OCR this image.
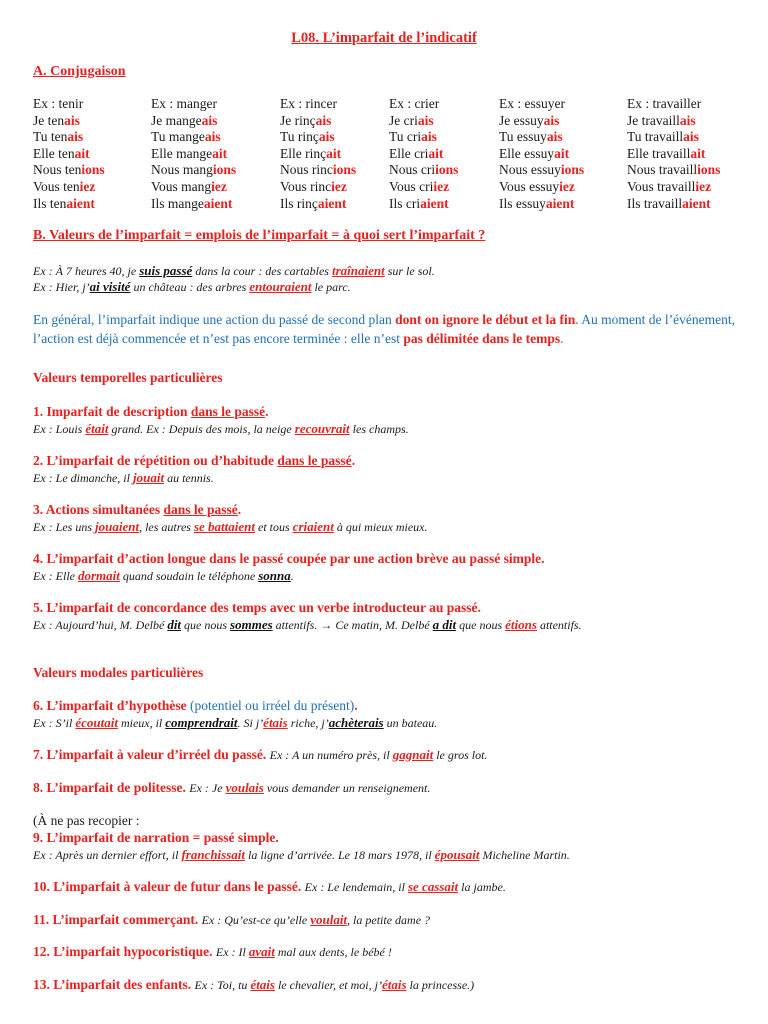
L08. L’imparfait de l’indicatif
A. Conjugaison
Ex : tenir
Je tenais
Tu tenais
Elle tenait
Nous tenions
Vous teniez
Ils tenaient
Ex : manger
Je mangeais
Tu mangeais
Elle mangeait
Nous mangions
Vous mangiez
Ils mangeaient
Ex : rincer
Je rinçais
Tu rinçais
Elle rinçait
Nous rincions
Vous rinciez
Ils rinçaient
Ex : crier
Je criais
Tu criais
Elle criait
Nous criions
Vous criiez
Ils criaient
Ex : essuyer
Je essuyais
Tu essuyais
Elle essuyait
Nous essuyions
Vous essuyiez
Ils essuyaient
Ex : travailler
Je travaillais
Tu travaillais
Elle travaillait
Nous travaillions
Vous travailliez
Ils travaillaient
B. Valeurs de l’imparfait = emplois de l’imparfait = à quoi sert l’imparfait ?
Ex : À 7 heures 40, je suis passé dans la cour : des cartables traînaient sur le sol.
Ex : Hier, j’ai visité un château : des arbres entouraient le parc.
En général, l’imparfait indique une action du passé de second plan dont on ignore le début et la fin. Au moment de l’événement, l’action est déjà commencée et n’est pas encore terminée : elle n’est pas délimitée dans le temps.
Valeurs temporelles particulières
1. Imparfait de description dans le passé.
Ex : Louis était grand. Ex : Depuis des mois, la neige recouvrait les champs.
2. L’imparfait de répétition ou d’habitude dans le passé.
Ex : Le dimanche, il jouait au tennis.
3. Actions simultanées dans le passé.
Ex : Les uns jouaient, les autres se battaient et tous criaient à qui mieux mieux.
4. L’imparfait d’action longue dans le passé coupée par une action brève au passé simple.
Ex : Elle dormait quand soudain le téléphone sonna.
5. L’imparfait de concordance des temps avec un verbe introducteur au passé.
Ex : Aujourd’hui, M. Delbé dit que nous sommes attentifs. → Ce matin, M. Delbé a dit que nous étions attentifs.
Valeurs modales particulières
6. L’imparfait d’hypothèse (potentiel ou irréel du présent).
Ex : S’il écoutait mieux, il comprendrait. Si j’étais riche, j’achèterais un bateau.
7. L’imparfait à valeur d’irréel du passé. Ex : A un numéro près, il gagnait le gros lot.
8. L’imparfait de politesse. Ex : Je voulais vous demander un renseignement.
(À ne pas recopier :
9. L’imparfait de narration = passé simple.
Ex : Après un dernier effort, il franchissait la ligne d’arrivée. Le 18 mars 1978, il épousait Micheline Martin.
10. L’imparfait à valeur de futur dans le passé. Ex : Le lendemain, il se cassait la jambe.
11. L’imparfait commerçant. Ex : Qu’est-ce qu’elle voulait, la petite dame ?
12. L’imparfait hypocoristique. Ex : Il avait mal aux dents, le bébé !
13. L’imparfait des enfants. Ex : Toi, tu étais le chevalier, et moi, j’étais la princesse.)
